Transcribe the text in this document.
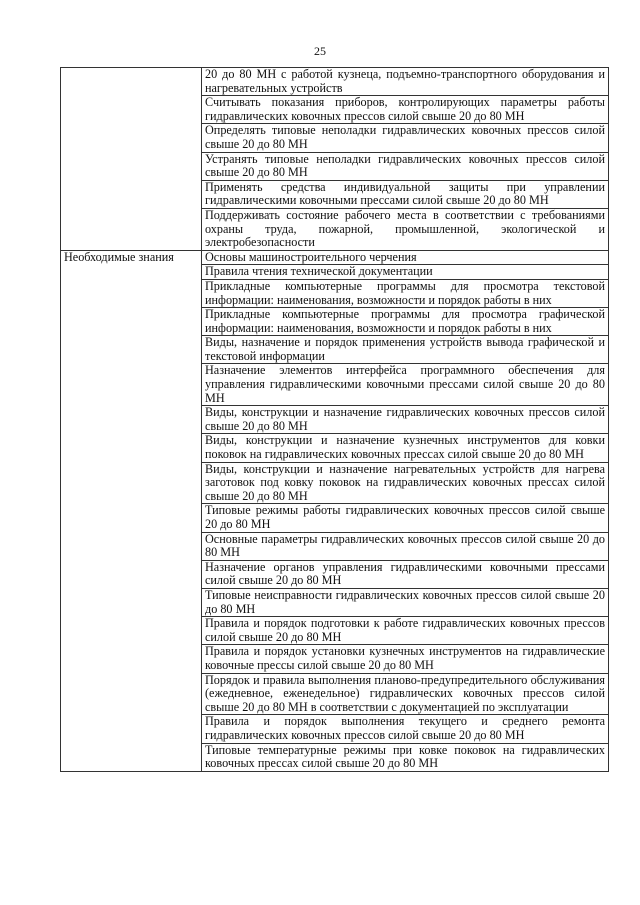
25
	20 до 80 МН с работой кузнеца, подъемно-транспортного оборудования и нагревательных устройств
	Считывать показания приборов, контролирующих параметры работы гидравлических ковочных прессов силой свыше 20 до 80 МН
	Определять типовые неполадки гидравлических ковочных прессов силой свыше 20 до 80 МН
	Устранять типовые неполадки гидравлических ковочных прессов силой свыше 20 до 80 МН
	Применять средства индивидуальной защиты при управлении гидравлическими ковочными прессами силой свыше 20 до 80 МН
	Поддерживать состояние рабочего места в соответствии с требованиями охраны труда, пожарной, промышленной, экологической и электробезопасности
Необходимые знания	Основы машиностроительного черчения
	Правила чтения технической документации
	Прикладные компьютерные программы для просмотра текстовой информации: наименования, возможности и порядок работы в них
	Прикладные компьютерные программы для просмотра графической информации: наименования, возможности и порядок работы в них
	Виды, назначение и порядок применения устройств вывода графической и текстовой информации
	Назначение элементов интерфейса программного обеспечения для управления гидравлическими ковочными прессами силой свыше 20 до 80 МН
	Виды, конструкции и назначение гидравлических ковочных прессов силой свыше 20 до 80 МН
	Виды, конструкции и назначение кузнечных инструментов для ковки поковок на гидравлических ковочных прессах силой свыше 20 до 80 МН
	Виды, конструкции и назначение нагревательных устройств для нагрева заготовок под ковку поковок на гидравлических ковочных прессах силой свыше 20 до 80 МН
	Типовые режимы работы гидравлических ковочных прессов силой свыше 20 до 80 МН
	Основные параметры гидравлических ковочных прессов силой свыше 20 до 80 МН
	Назначение органов управления гидравлическими ковочными прессами силой свыше 20 до 80 МН
	Типовые неисправности гидравлических ковочных прессов силой свыше 20 до 80 МН
	Правила и порядок подготовки к работе гидравлических ковочных прессов силой свыше 20 до 80 МН
	Правила и порядок установки кузнечных инструментов на гидравлические ковочные прессы силой свыше 20 до 80 МН
	Порядок и правила выполнения планово-предупредительного обслуживания (ежедневное, еженедельное) гидравлических ковочных прессов силой свыше 20 до 80 МН в соответствии с документацией по эксплуатации
	Правила и порядок выполнения текущего и среднего ремонта гидравлических ковочных прессов силой свыше 20 до 80 МН
	Типовые температурные режимы при ковке поковок на гидравлических ковочных прессах силой свыше 20 до 80 МН
